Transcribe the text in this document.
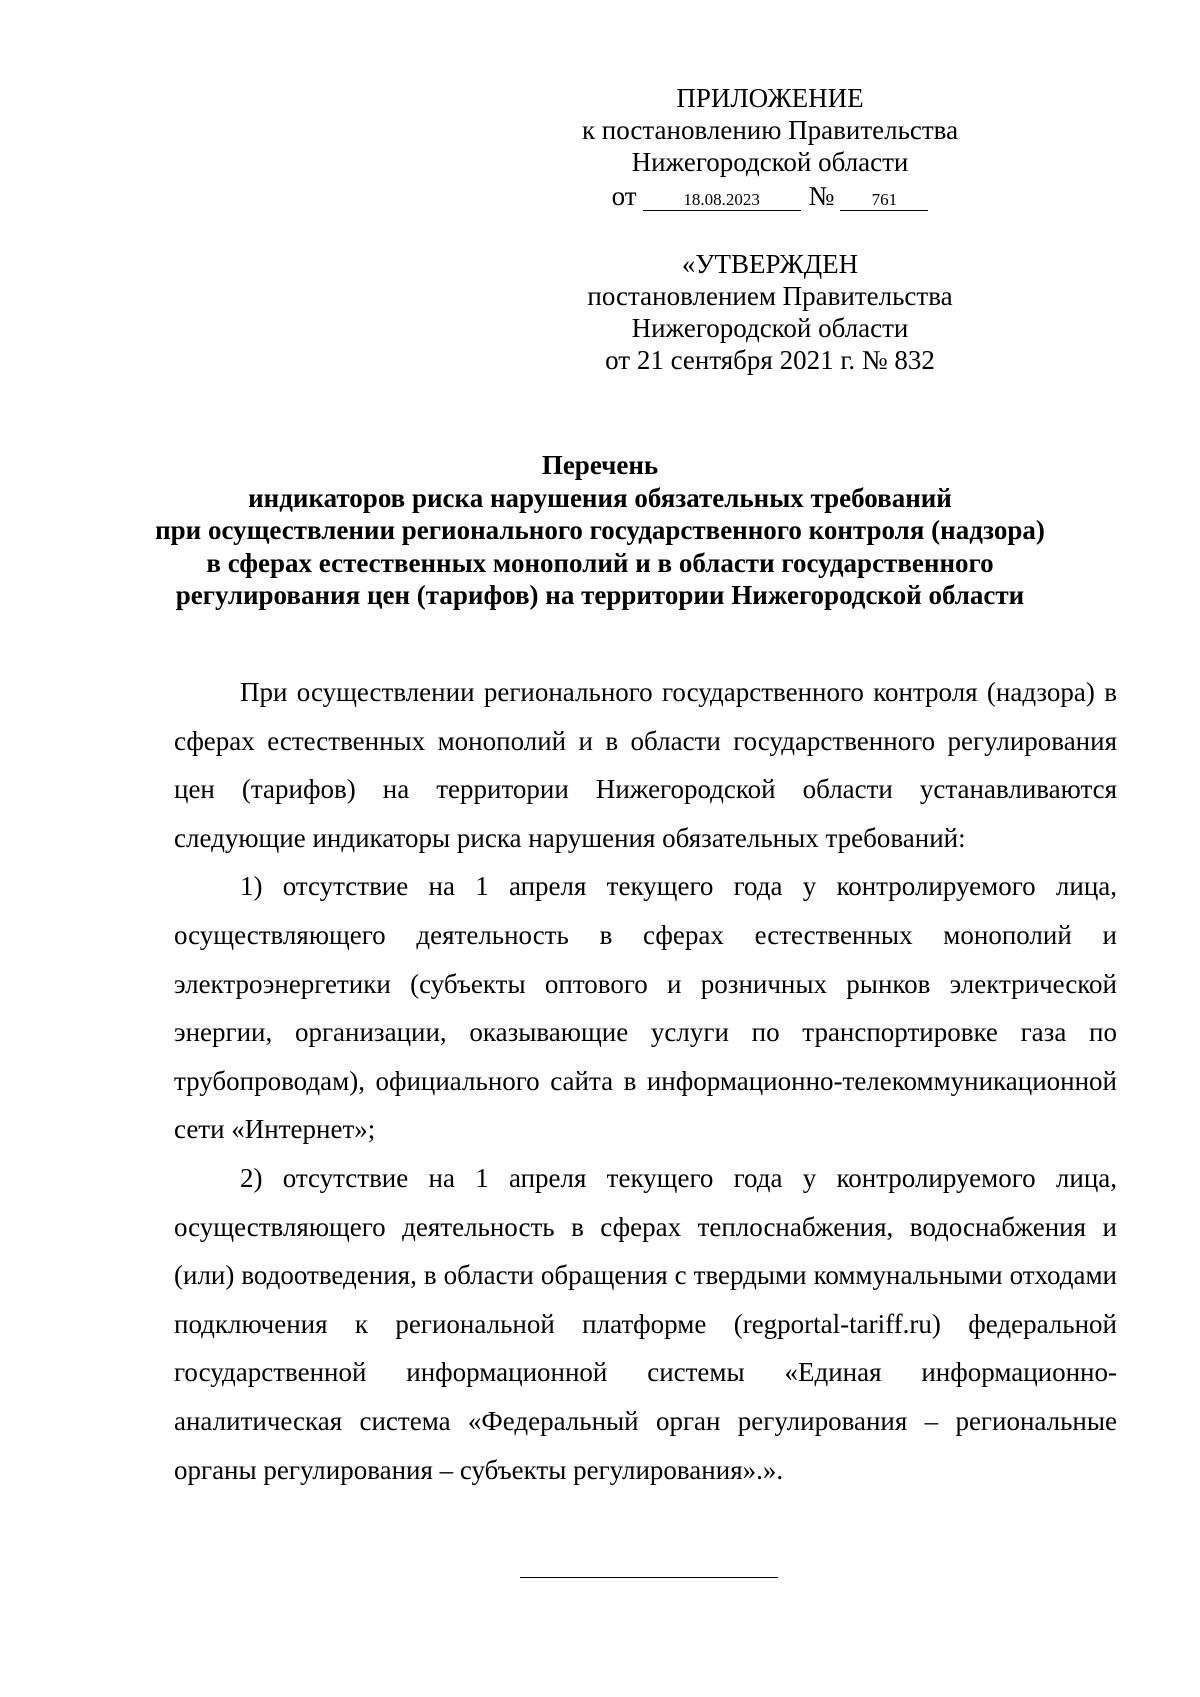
ПРИЛОЖЕНИЕ
к постановлению Правительства
Нижегородской области
от	18.08.2023 № 761
«УТВЕРЖДЕН
постановлением Правительства
Нижегородской области
от 21 сентября 2021 г. № 832
Перечень
индикаторов риска нарушения обязательных требований
при осуществлении регионального государственного контроля (надзора)
в сферах естественных монополий и в области государственного
регулирования цен (тарифов) на территории Нижегородской области

При осуществлении регионального государственного контроля (надзора) в сферах естественных монополий и в области государственного регулирования цен (тарифов) на территории Нижегородской области устанавливаются следующие индикаторы риска нарушения обязательных требований:

1) отсутствие на 1 апреля текущего года у контролируемого лица, осуществляющего деятельность в сферах естественных монополий и электроэнергетики (субъекты оптового и розничных рынков электрической энергии, организации, оказывающие услуги по транспортировке газа по трубопроводам), официального сайта в информационно-телекоммуникационной сети «Интернет»;

2) отсутствие на 1 апреля текущего года у контролируемого лица, осуществляющего деятельность в сферах теплоснабжения, водоснабжения и (или) водоотведения, в области обращения с твердыми коммунальными отходами подключения к региональной платформе (regportal-tariff.ru) федеральной государственной информационной системы «Единая информационно-аналитическая система «Федеральный орган регулирования – региональные органы регулирования – субъекты регулирования».».
